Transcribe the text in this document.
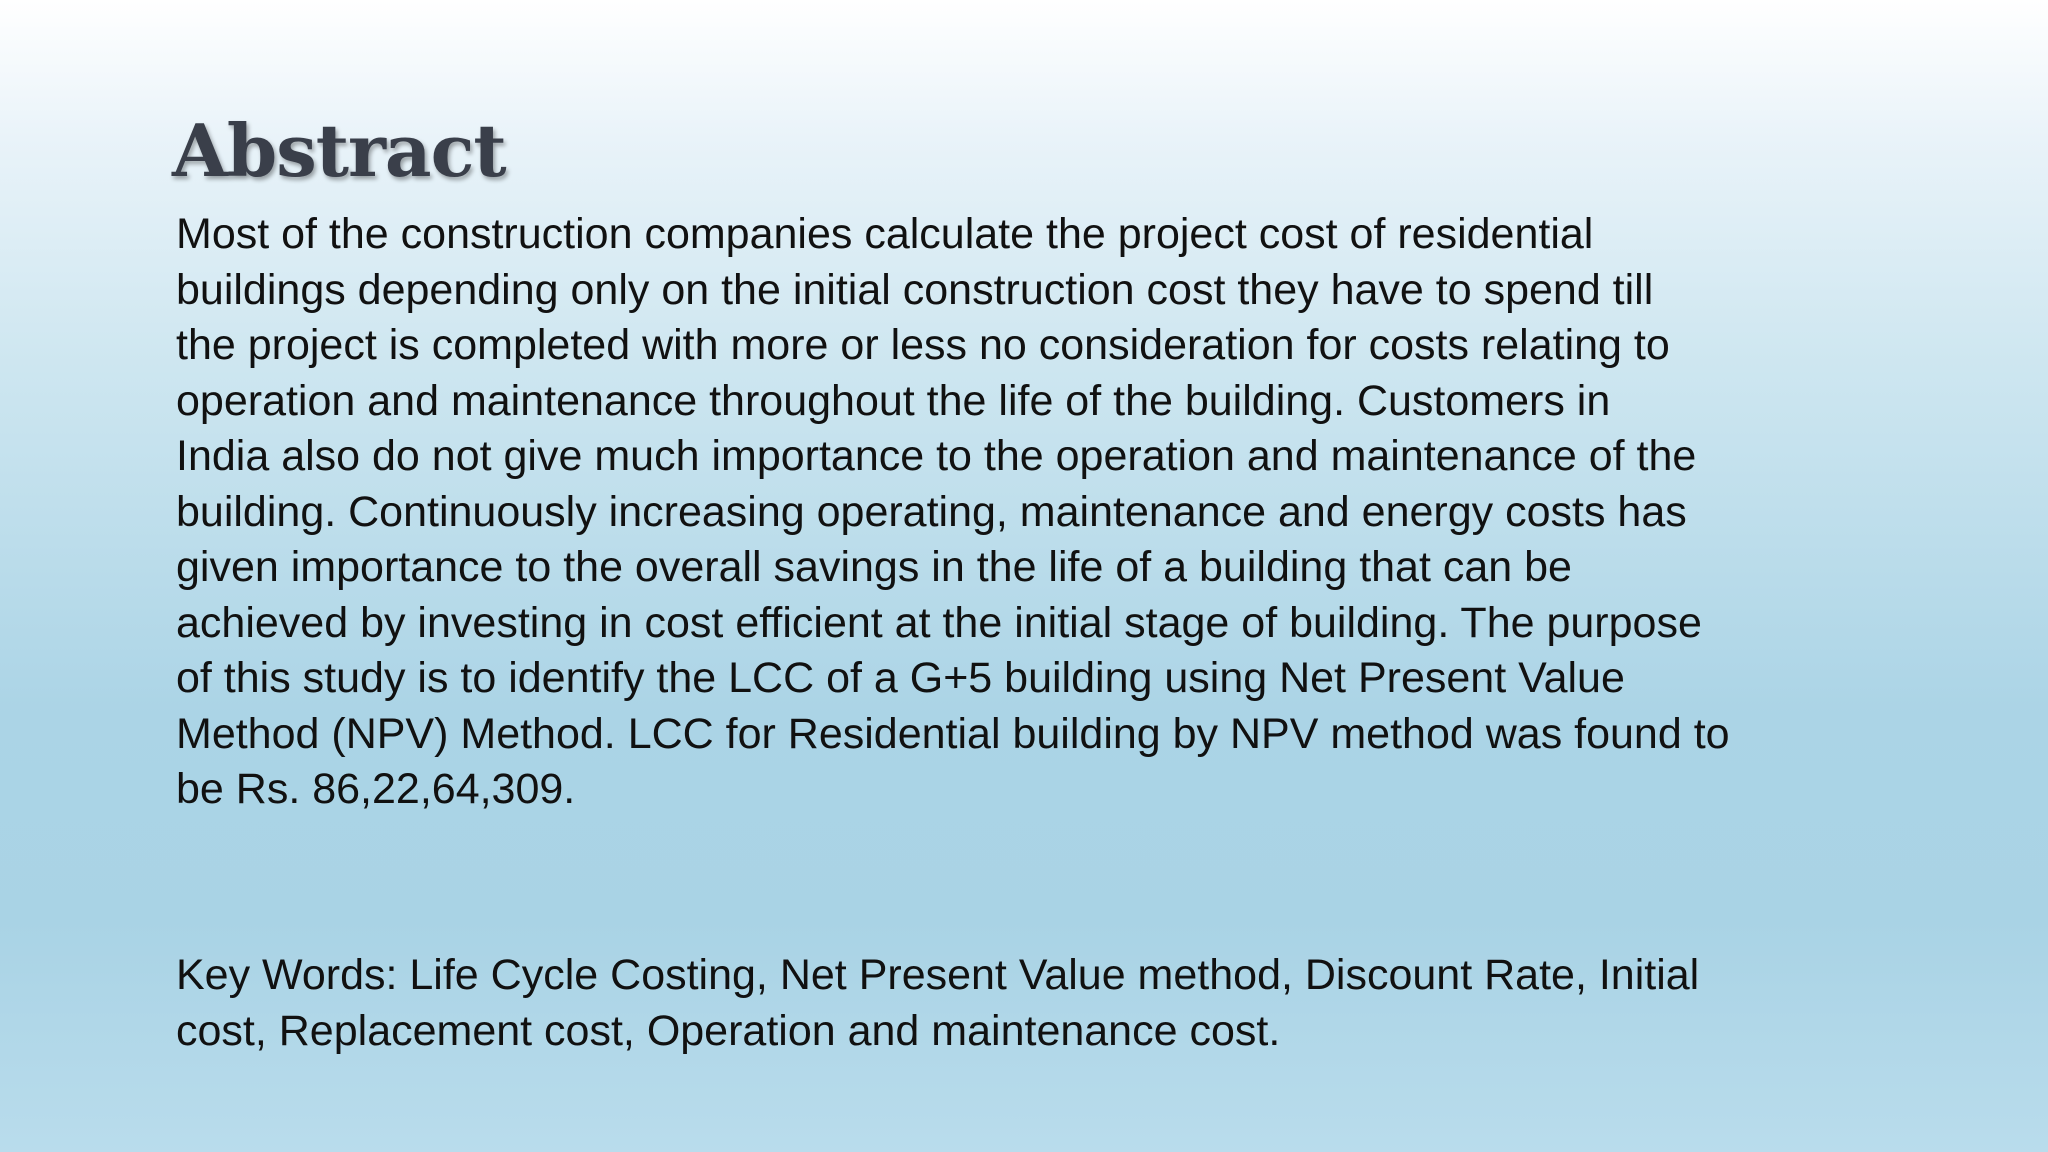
Abstract
Most of the construction companies calculate the project cost of residential
buildings depending only on the initial construction cost they have to spend till
the project is completed with more or less no consideration for costs relating to
operation and maintenance throughout the life of the building. Customers in
India also do not give much importance to the operation and maintenance of the
building. Continuously increasing operating, maintenance and energy costs has
given importance to the overall savings in the life of a building that can be
achieved by investing in cost efficient at the initial stage of building. The purpose
of this study is to identify the LCC of a G+5 building using Net Present Value
Method (NPV) Method. LCC for Residential building by NPV method was found to
be Rs. 86,22,64,309.
Key Words: Life Cycle Costing, Net Present Value method, Discount Rate, Initial
cost, Replacement cost, Operation and maintenance cost.
